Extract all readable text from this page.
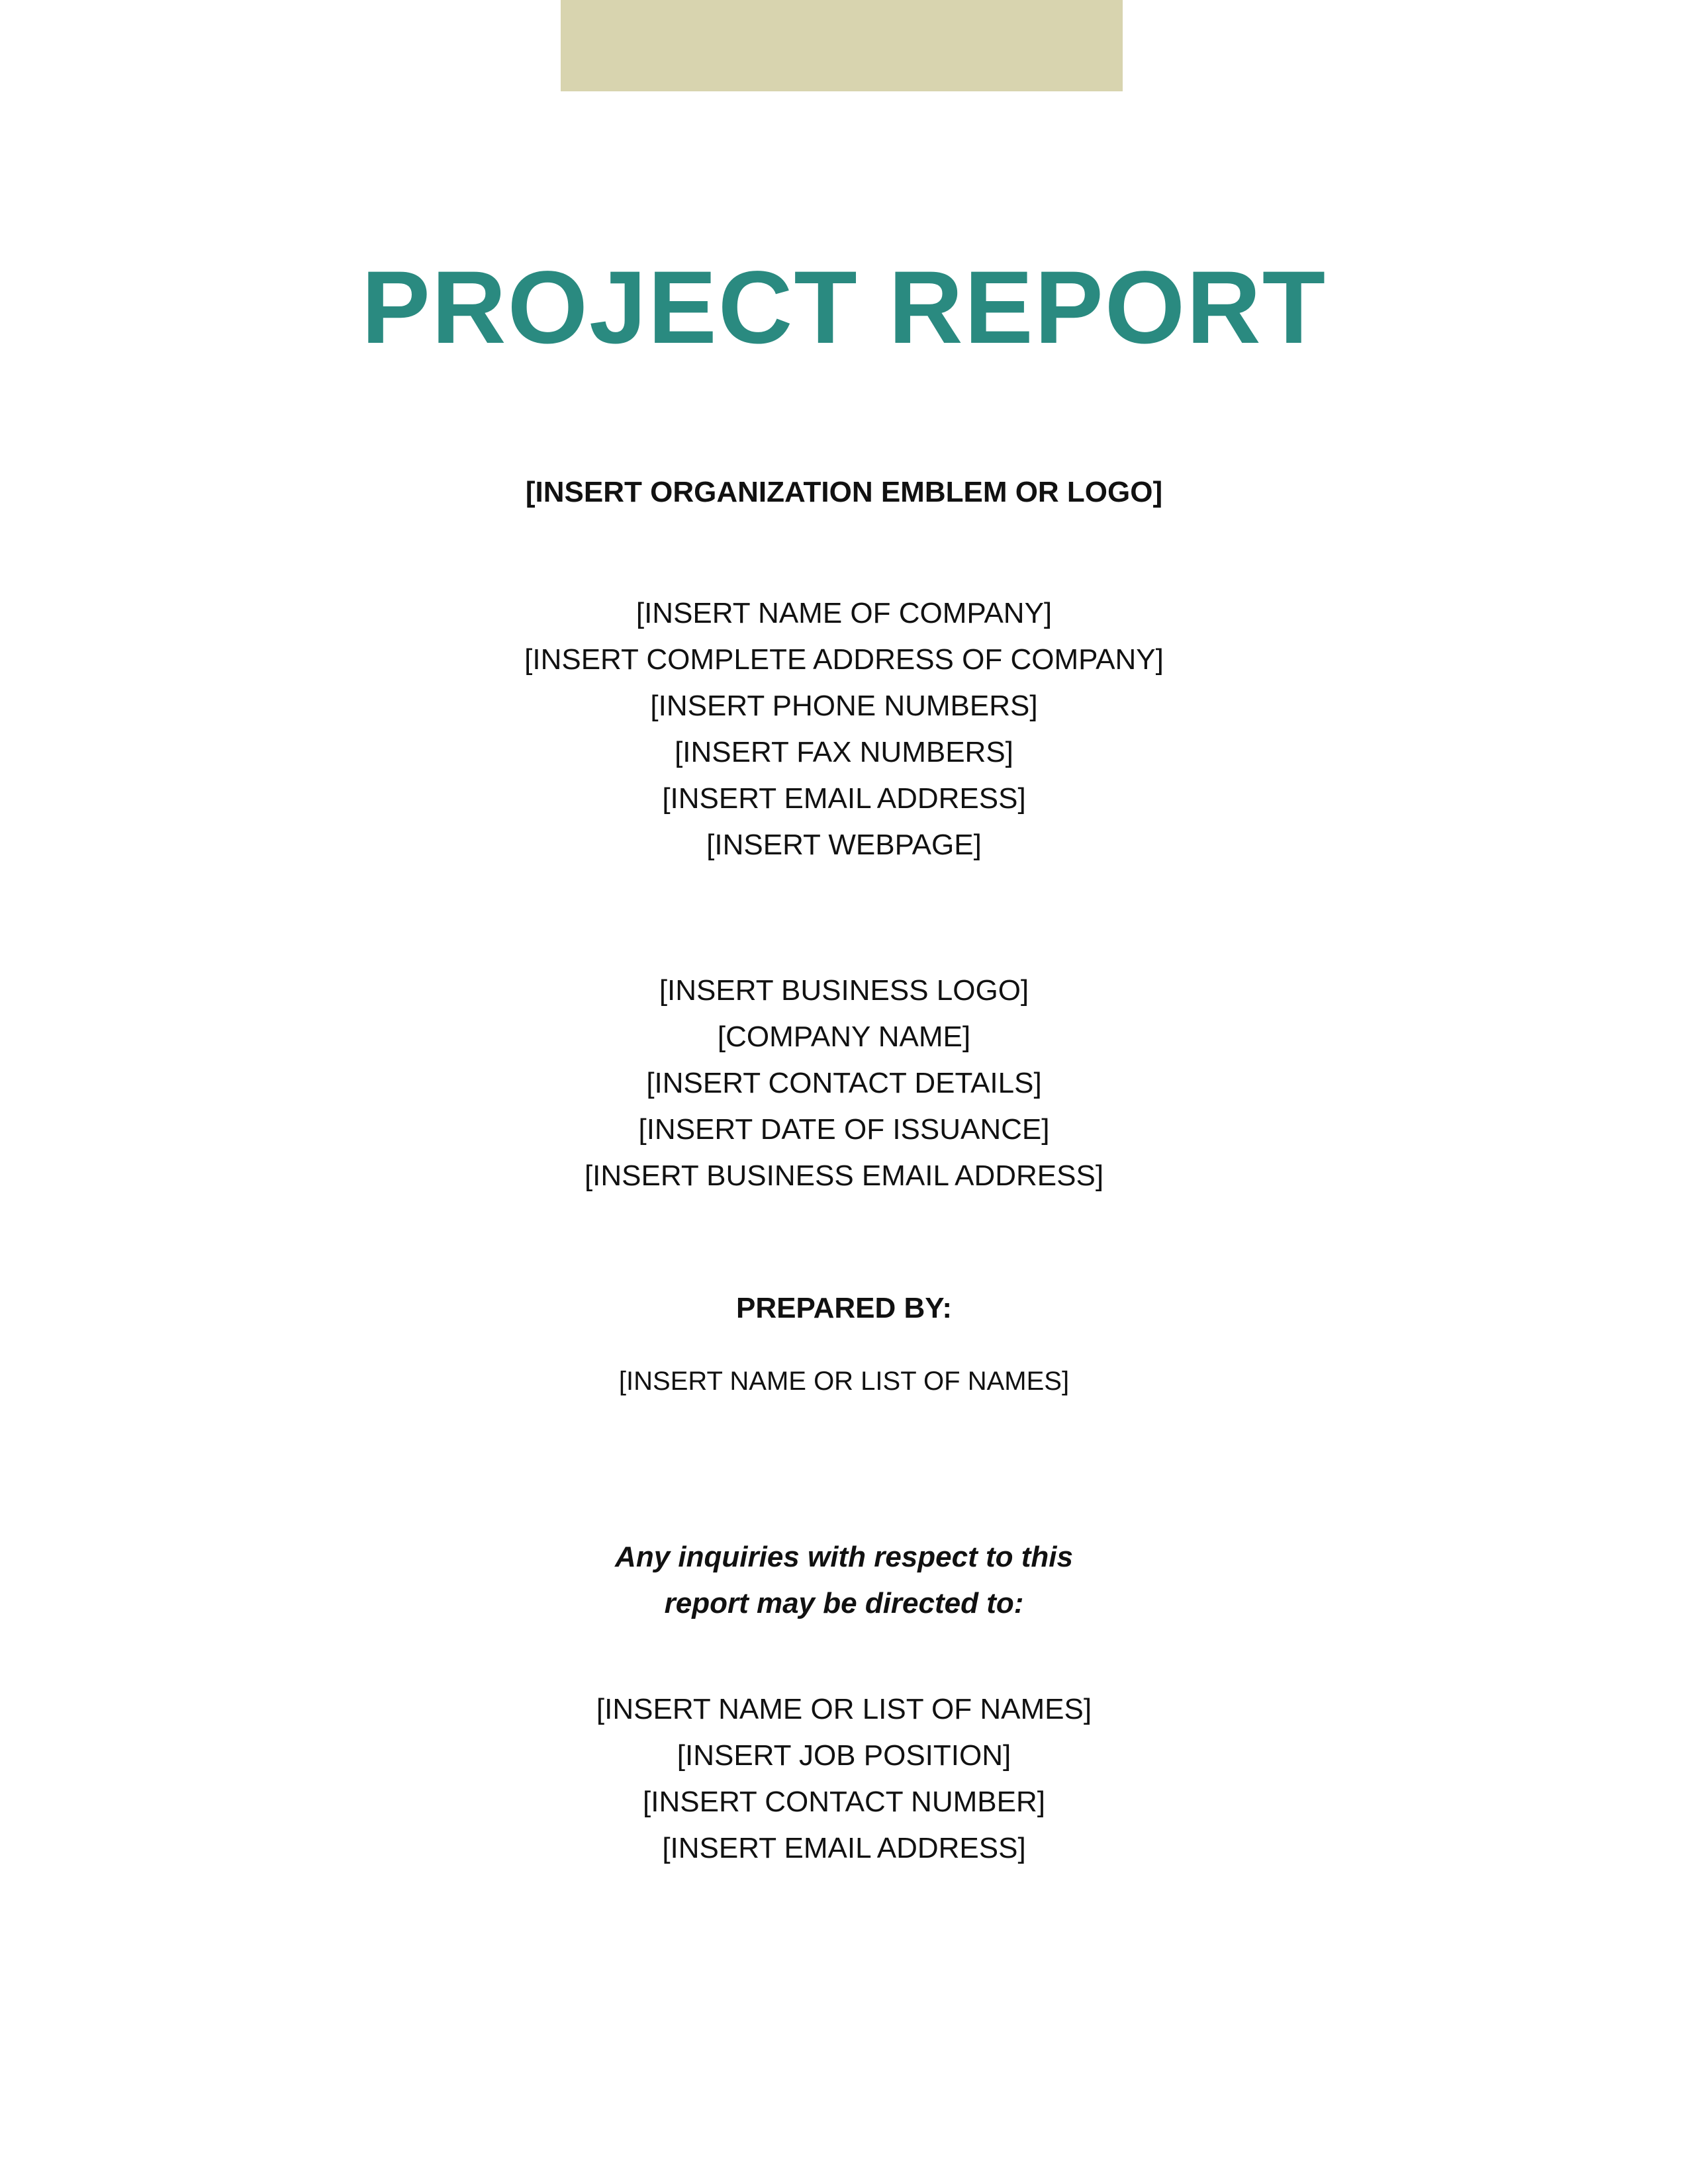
PROJECT REPORT
[INSERT ORGANIZATION EMBLEM OR LOGO]
[INSERT NAME OF COMPANY]
[INSERT COMPLETE ADDRESS OF COMPANY]
[INSERT PHONE NUMBERS]
[INSERT FAX NUMBERS]
[INSERT EMAIL ADDRESS]
[INSERT WEBPAGE]
[INSERT BUSINESS LOGO]
[COMPANY NAME]
[INSERT CONTACT DETAILS]
[INSERT DATE OF ISSUANCE]
[INSERT BUSINESS EMAIL ADDRESS]
PREPARED BY:
[INSERT NAME OR LIST OF NAMES]
Any inquiries with respect to this
report may be directed to:
[INSERT NAME OR LIST OF NAMES]
[INSERT JOB POSITION]
[INSERT CONTACT NUMBER]
[INSERT EMAIL ADDRESS]
